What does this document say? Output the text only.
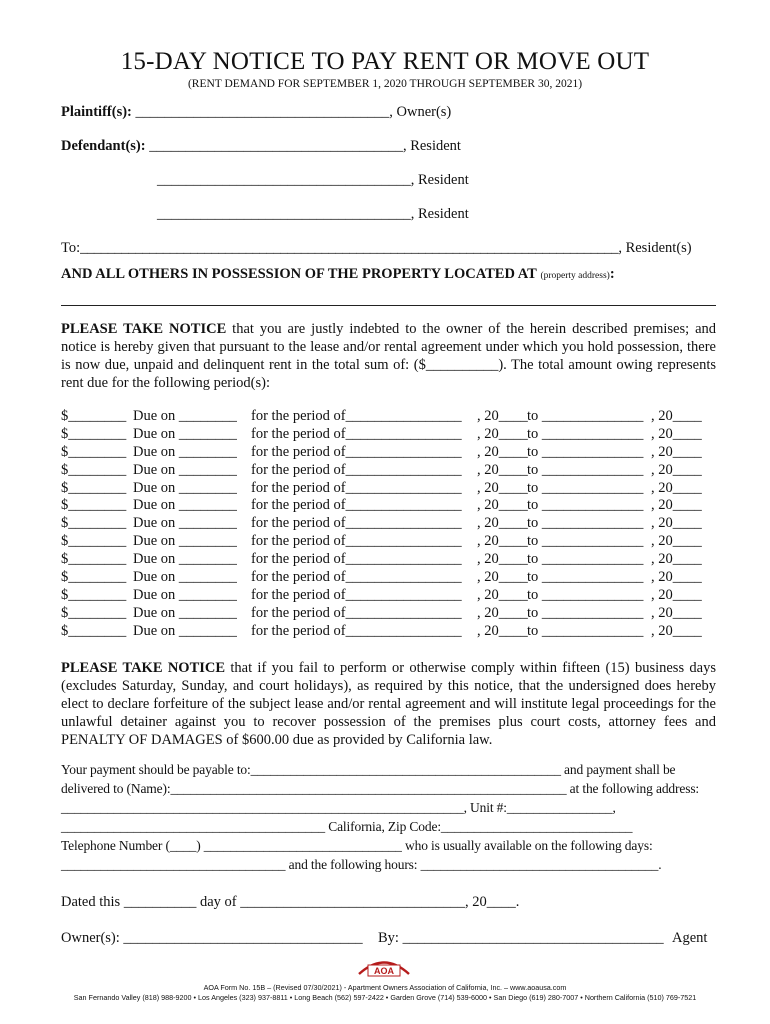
15-DAY NOTICE TO PAY RENT OR MOVE OUT
(RENT DEMAND FOR SEPTEMBER 1, 2020 THROUGH SEPTEMBER 30, 2021)
Plaintiff(s): ___________________________________, Owner(s)
Defendant(s): ___________________________________, Resident
___________________________________, Resident
___________________________________, Resident
To:______________________________________________________________________________, Resident(s)
AND ALL OTHERS IN POSSESSION OF THE PROPERTY LOCATED AT (property address):
PLEASE TAKE NOTICE that you are justly indebted to the owner of the herein described premises; and notice is hereby given that pursuant to the lease and/or rental agreement under which you hold possession, there is now due, unpaid and delinquent rent in the total sum of: ($__________). The total amount owing represents rent due for the following period(s):
$________ Due on ________ for the period of________________ , 20____ to ______________ , 20____
$________ Due on ________ for the period of________________ , 20____ to ______________ , 20____
$________ Due on ________ for the period of________________ , 20____ to ______________ , 20____
$________ Due on ________ for the period of________________ , 20____ to ______________ , 20____
$________ Due on ________ for the period of________________ , 20____ to ______________ , 20____
$________ Due on ________ for the period of________________ , 20____ to ______________ , 20____
$________ Due on ________ for the period of________________ , 20____ to ______________ , 20____
$________ Due on ________ for the period of________________ , 20____ to ______________ , 20____
$________ Due on ________ for the period of________________ , 20____ to ______________ , 20____
$________ Due on ________ for the period of________________ , 20____ to ______________ , 20____
$________ Due on ________ for the period of________________ , 20____ to ______________ , 20____
$________ Due on ________ for the period of________________ , 20____ to ______________ , 20____
$________ Due on ________ for the period of________________ , 20____ to ______________ , 20____
PLEASE TAKE NOTICE that if you fail to perform or otherwise comply within fifteen (15) business days (excludes Saturday, Sunday, and court holidays), as required by this notice, that the undersigned does hereby elect to declare forfeiture of the subject lease and/or rental agreement and will institute legal proceedings for the unlawful detainer against you to recover possession of the premises plus court costs, attorney fees and PENALTY OF DAMAGES of $600.00 due as provided by California law.
Your payment should be payable to:_______________________________________________ and payment shall be
delivered to (Name):____________________________________________________________ at the following address:
_____________________________________________________________, Unit #:________________,
________________________________________ California, Zip Code:_____________________________
Telephone Number (____) ______________________________ who is usually available on the following days:
__________________________________ and the following hours: ____________________________________.
Dated this __________ day of _______________________________, 20____.
Owner(s): _________________________________ By: ____________________________________ Agent
AOA
AOA Form No. 15B – (Revised 07/30/2021) - Apartment Owners Association of California, Inc. – www.aoausa.com
San Fernando Valley (818) 988-9200 • Los Angeles (323) 937-8811 • Long Beach (562) 597-2422 • Garden Grove (714) 539-6000 • San Diego (619) 280-7007 • Northern California (510) 769-7521
